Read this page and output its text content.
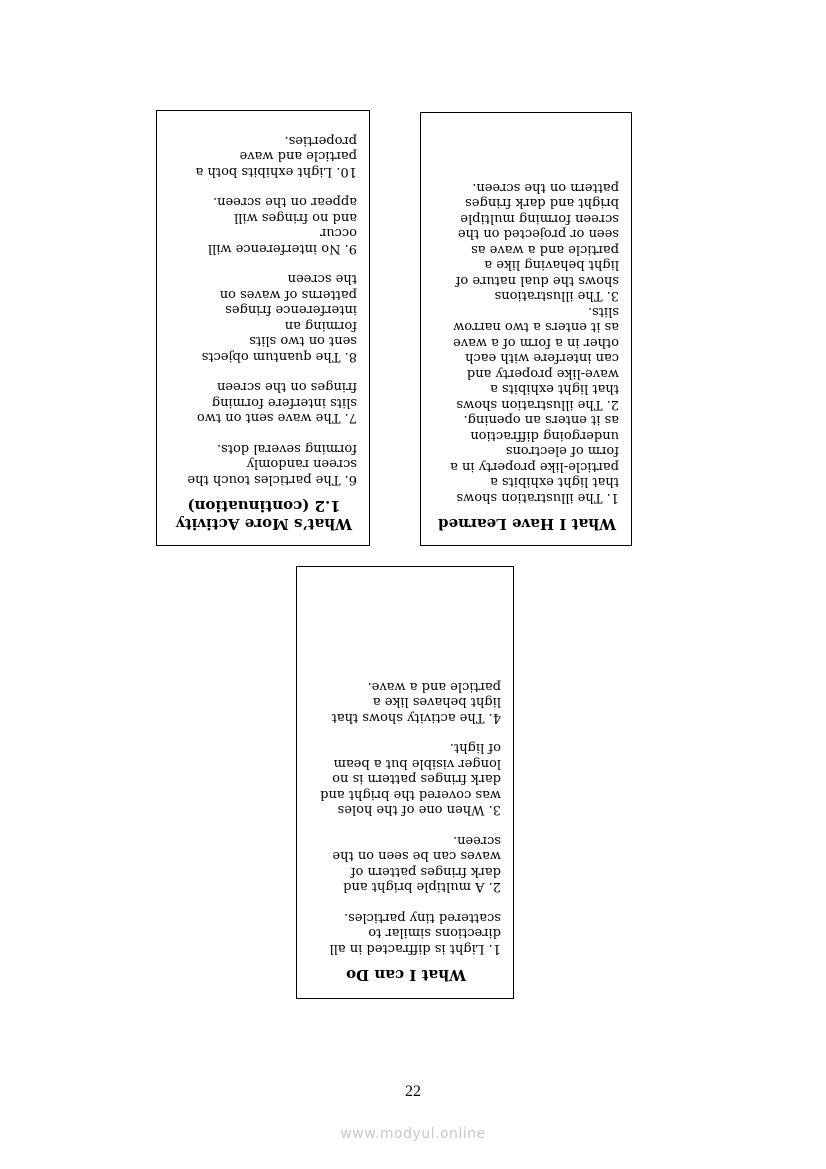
What I Have Learned
1. The illustration shows
that light exhibits a
particle-like property in a
form of electrons
undergoing diffraction
as it enters an opening.
2. The illustration shows
that light exhibits a
wave-like property and
can interfere with each
other in a form of a wave
as it enters a two narrow
slits.
3. The illustrations
shows the dual nature of
light behaving like a
particle and a wave as
seen or projected on the
screen forming multiple
bright and dark fringes
pattern on the screen.
What’s More Activity
1.2 (continuation)
6. The particles touch the
screen randomly
forming several dots.
7. The wave sent on two
slits interfere forming
fringes on the screen
8. The quantum objects
sent on two slits
forming an
interference fringes
patterns of waves on
the screen
9. No interference will occur
and no fringes will
appear on the screen.
10. Light exhibits both a
particle and wave
properties.
What I can Do
1. Light is diffracted in all
directions similar to
scattered tiny particles.
2. A multiple bright and
dark fringes pattern of
waves can be seen on the
screen.
3. When one of the holes
was covered the bright and
dark fringes pattern is no
longer visible but a beam
of light.
4. The activity shows that
light behaves like a
particle and a wave.
22
www.modyul.online
